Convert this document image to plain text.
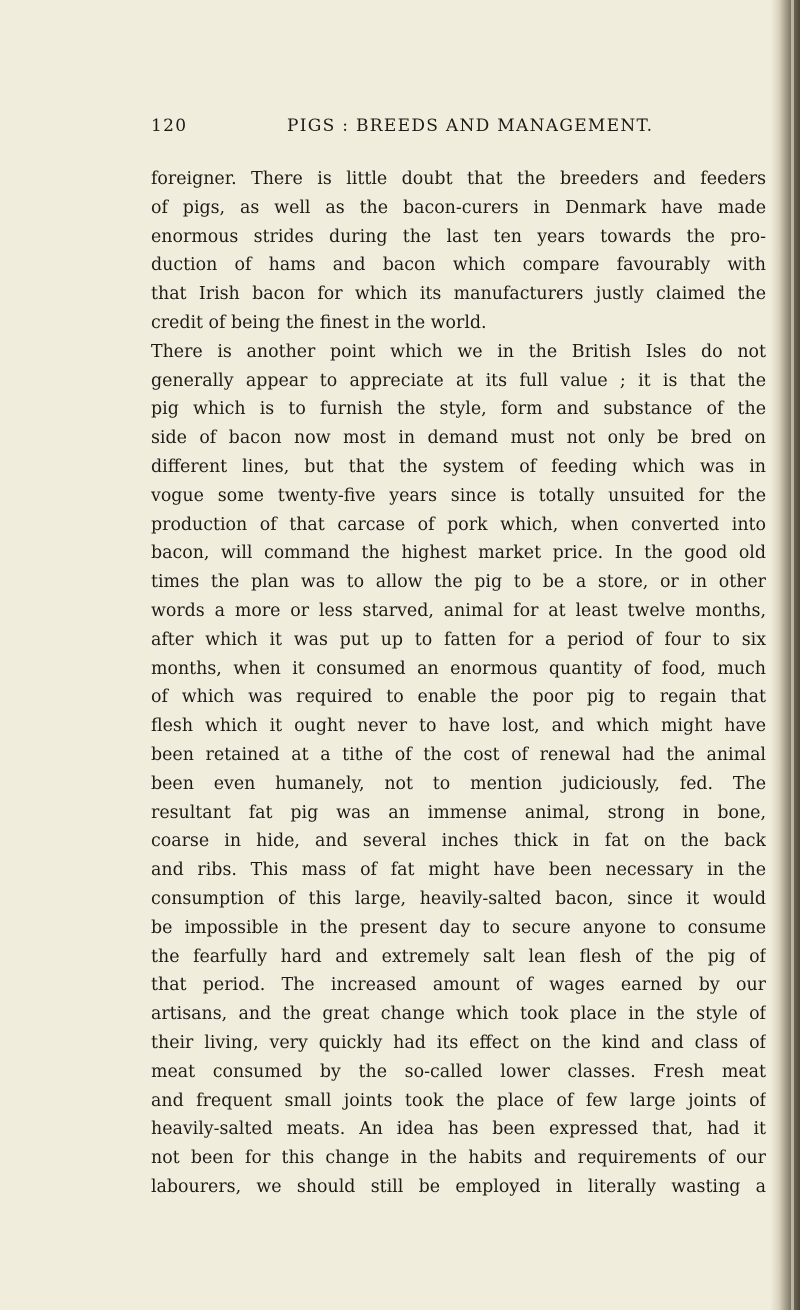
120	PIGS : BREEDS AND MANAGEMENT.
foreigner. There is little doubt that the breeders and feeders
of pigs, as well as the bacon-curers in Denmark have made
enormous strides during the last ten years towards the pro-
duction of hams and bacon which compare favourably with
that Irish bacon for which its manufacturers justly claimed the
credit of being the finest in the world.
There is another point which we in the British Isles do not
generally appear to appreciate at its full value ; it is that the
pig which is to furnish the style, form and substance of the
side of bacon now most in demand must not only be bred on
different lines, but that the system of feeding which was in
vogue some twenty-five years since is totally unsuited for the
production of that carcase of pork which, when converted into
bacon, will command the highest market price. In the good old
times the plan was to allow the pig to be a store, or in other
words a more or less starved, animal for at least twelve months,
after which it was put up to fatten for a period of four to six
months, when it consumed an enormous quantity of food, much
of which was required to enable the poor pig to regain that
flesh which it ought never to have lost, and which might have
been retained at a tithe of the cost of renewal had the animal
been even humanely, not to mention judiciously, fed. The
resultant fat pig was an immense animal, strong in bone,
coarse in hide, and several inches thick in fat on the back
and ribs. This mass of fat might have been necessary in the
consumption of this large, heavily-salted bacon, since it would
be impossible in the present day to secure anyone to consume
the fearfully hard and extremely salt lean flesh of the pig of
that period. The increased amount of wages earned by our
artisans, and the great change which took place in the style of
their living, very quickly had its effect on the kind and class of
meat consumed by the so-called lower classes. Fresh meat
and frequent small joints took the place of few large joints of
heavily-salted meats. An idea has been expressed that, had it
not been for this change in the habits and requirements of our
labourers, we should still be employed in literally wasting a
